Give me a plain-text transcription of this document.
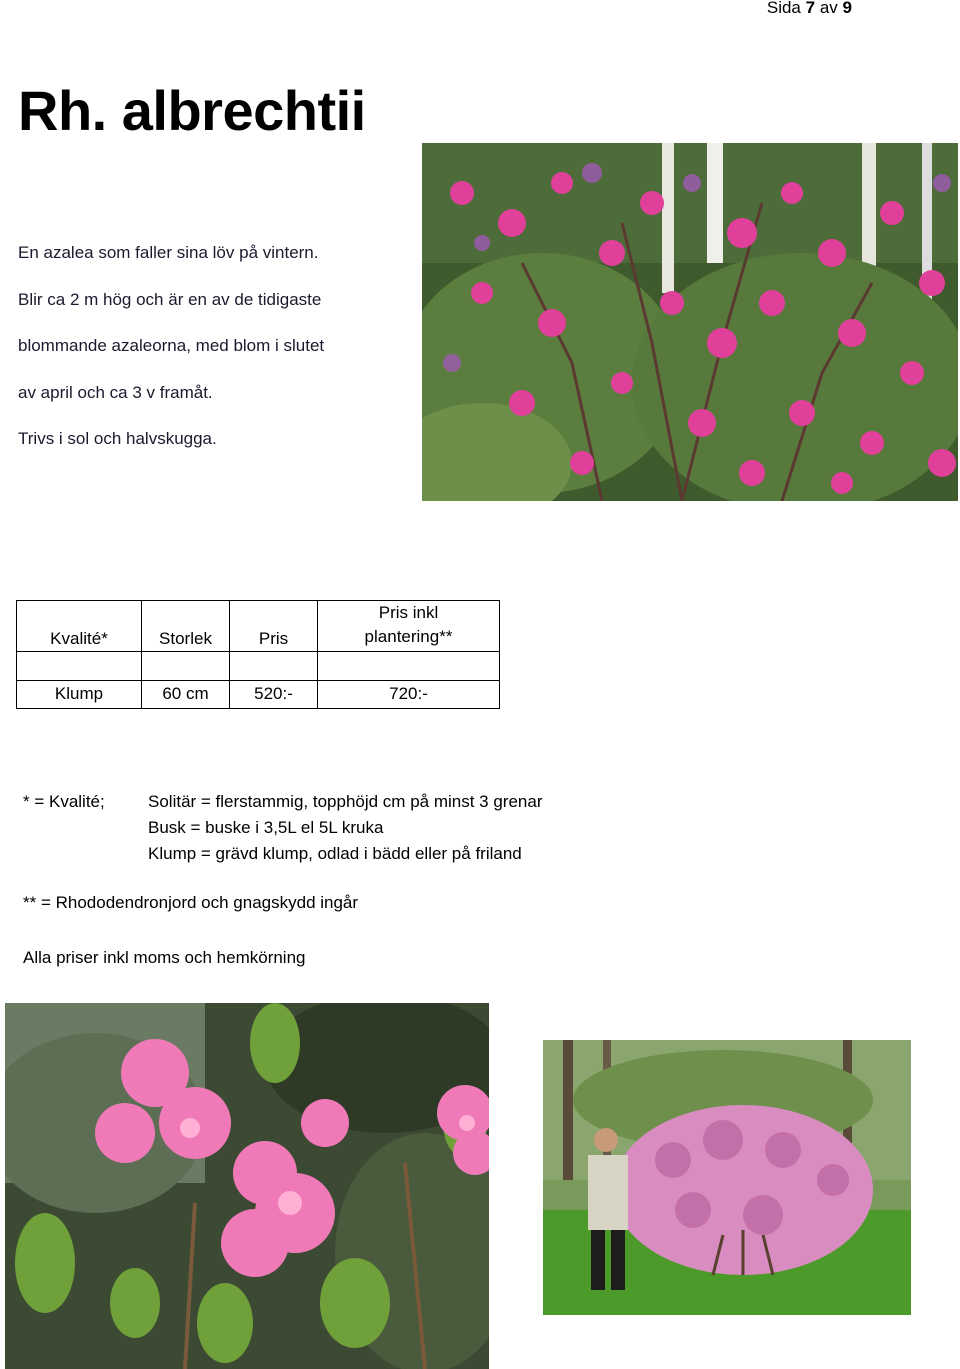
Sida 7 av 9
Rh. albrechtii

En azalea som faller sina löv på vintern.

Blir ca 2 m hög och är en av de tidigaste

blommande azaleorna, med blom i slutet

av april och ca 3 v framåt.

Trivs i sol och halvskugga.

Kvalité*	Storlek	Pris	Pris inkl
plantering**

Klump	60 cm	520:-	720:-
* = Kvalité;	Solitär = flerstammig, topphöjd cm på minst 3 grenar
Busk = buske i 3,5L el 5L kruka
Klump = grävd klump, odlad i bädd eller på friland
** = Rhododendronjord och gnagskydd ingår
Alla priser inkl moms och hemkörning
